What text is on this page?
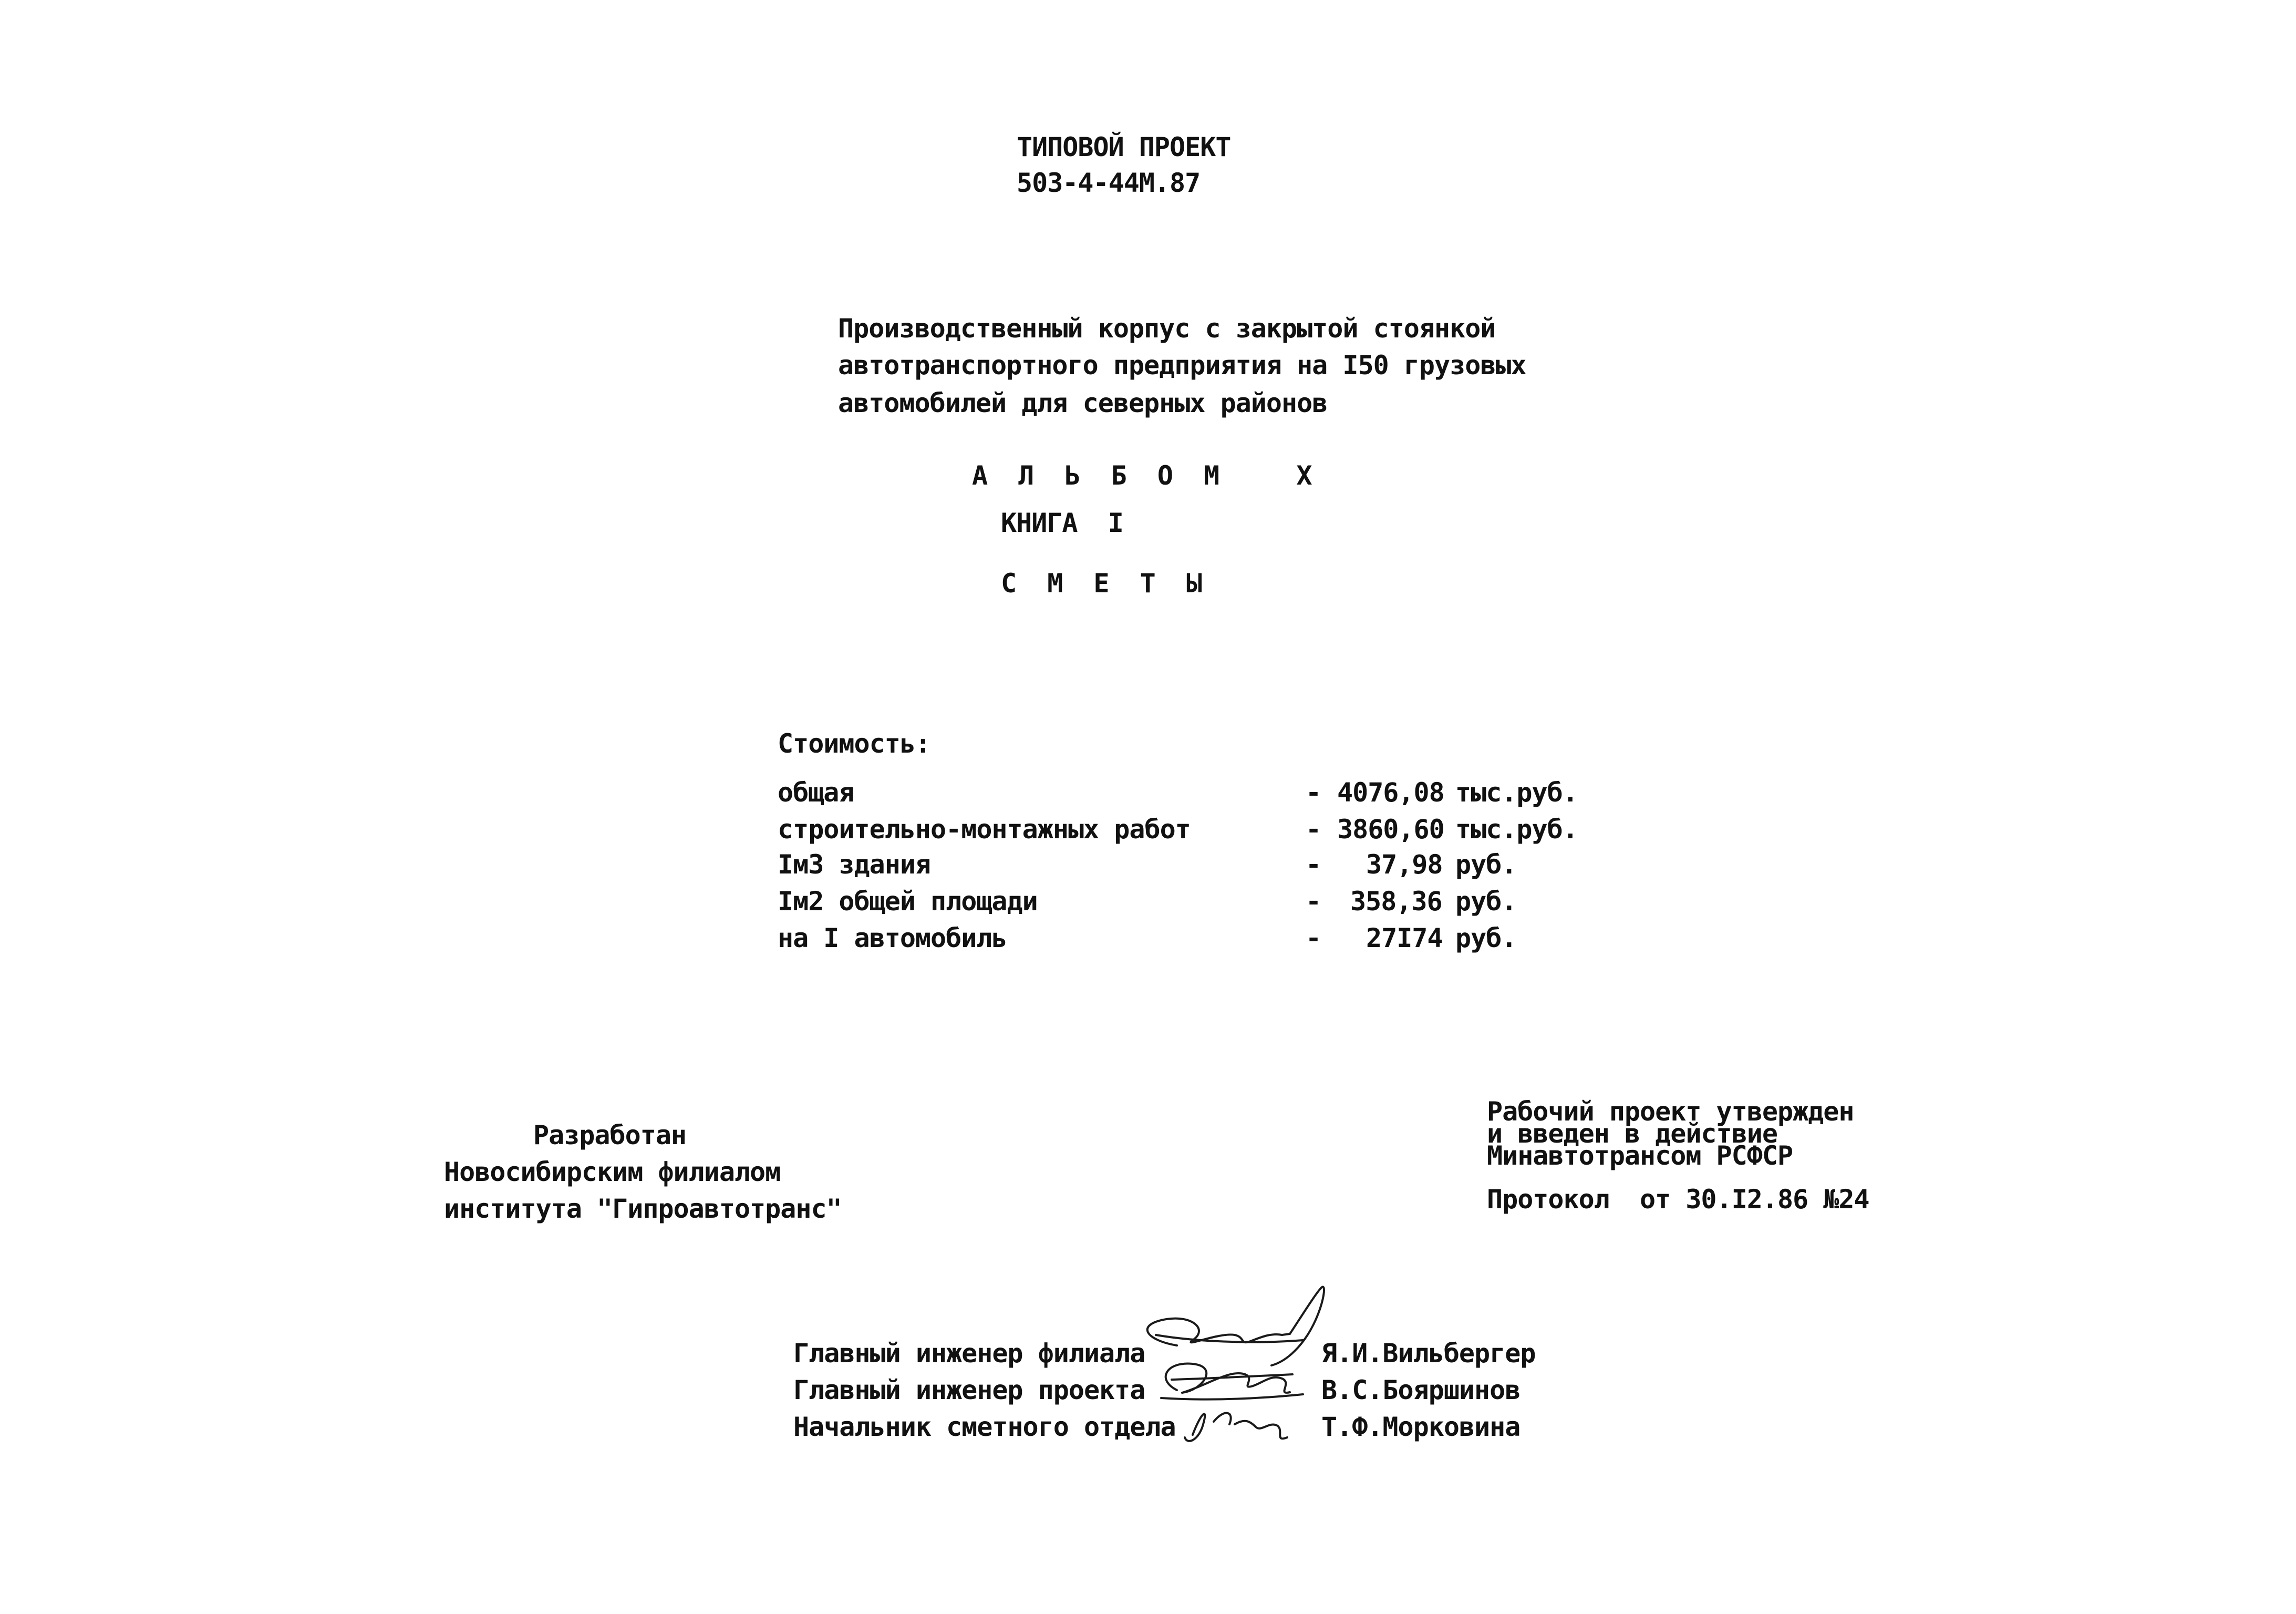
ТИПОВОЙ ПРОЕКТ
503-4-44М.87
Производственный корпус с закрытой стоянкой
автотранспортного предприятия на I50 грузовых
автомобилей для северных районов
А Л Ь Б О М   X
КНИГА  I
С М Е Т Ы
Стоимость:
общая	- 4076,08 тыс.руб.
строительно-монтажных работ	- 3860,60 тыс.руб.
Iм3 здания	- 37,98 руб.
Iм2 общей площади	- 358,36 руб.
на I автомобиль	- 27I74 руб.
Разработан
Новосибирским филиалом
института "Гипроавтотранс"
Рабочий проект утвержден
и введен в действие
Минавтотрансом РСФСР
Протокол  от 30.I2.86 №24
Главный инженер филиала	Я.И.Вильбергер
Главный инженер проекта	В.С.Бояршинов
Начальник сметного отдела	Т.Ф.Морковина
